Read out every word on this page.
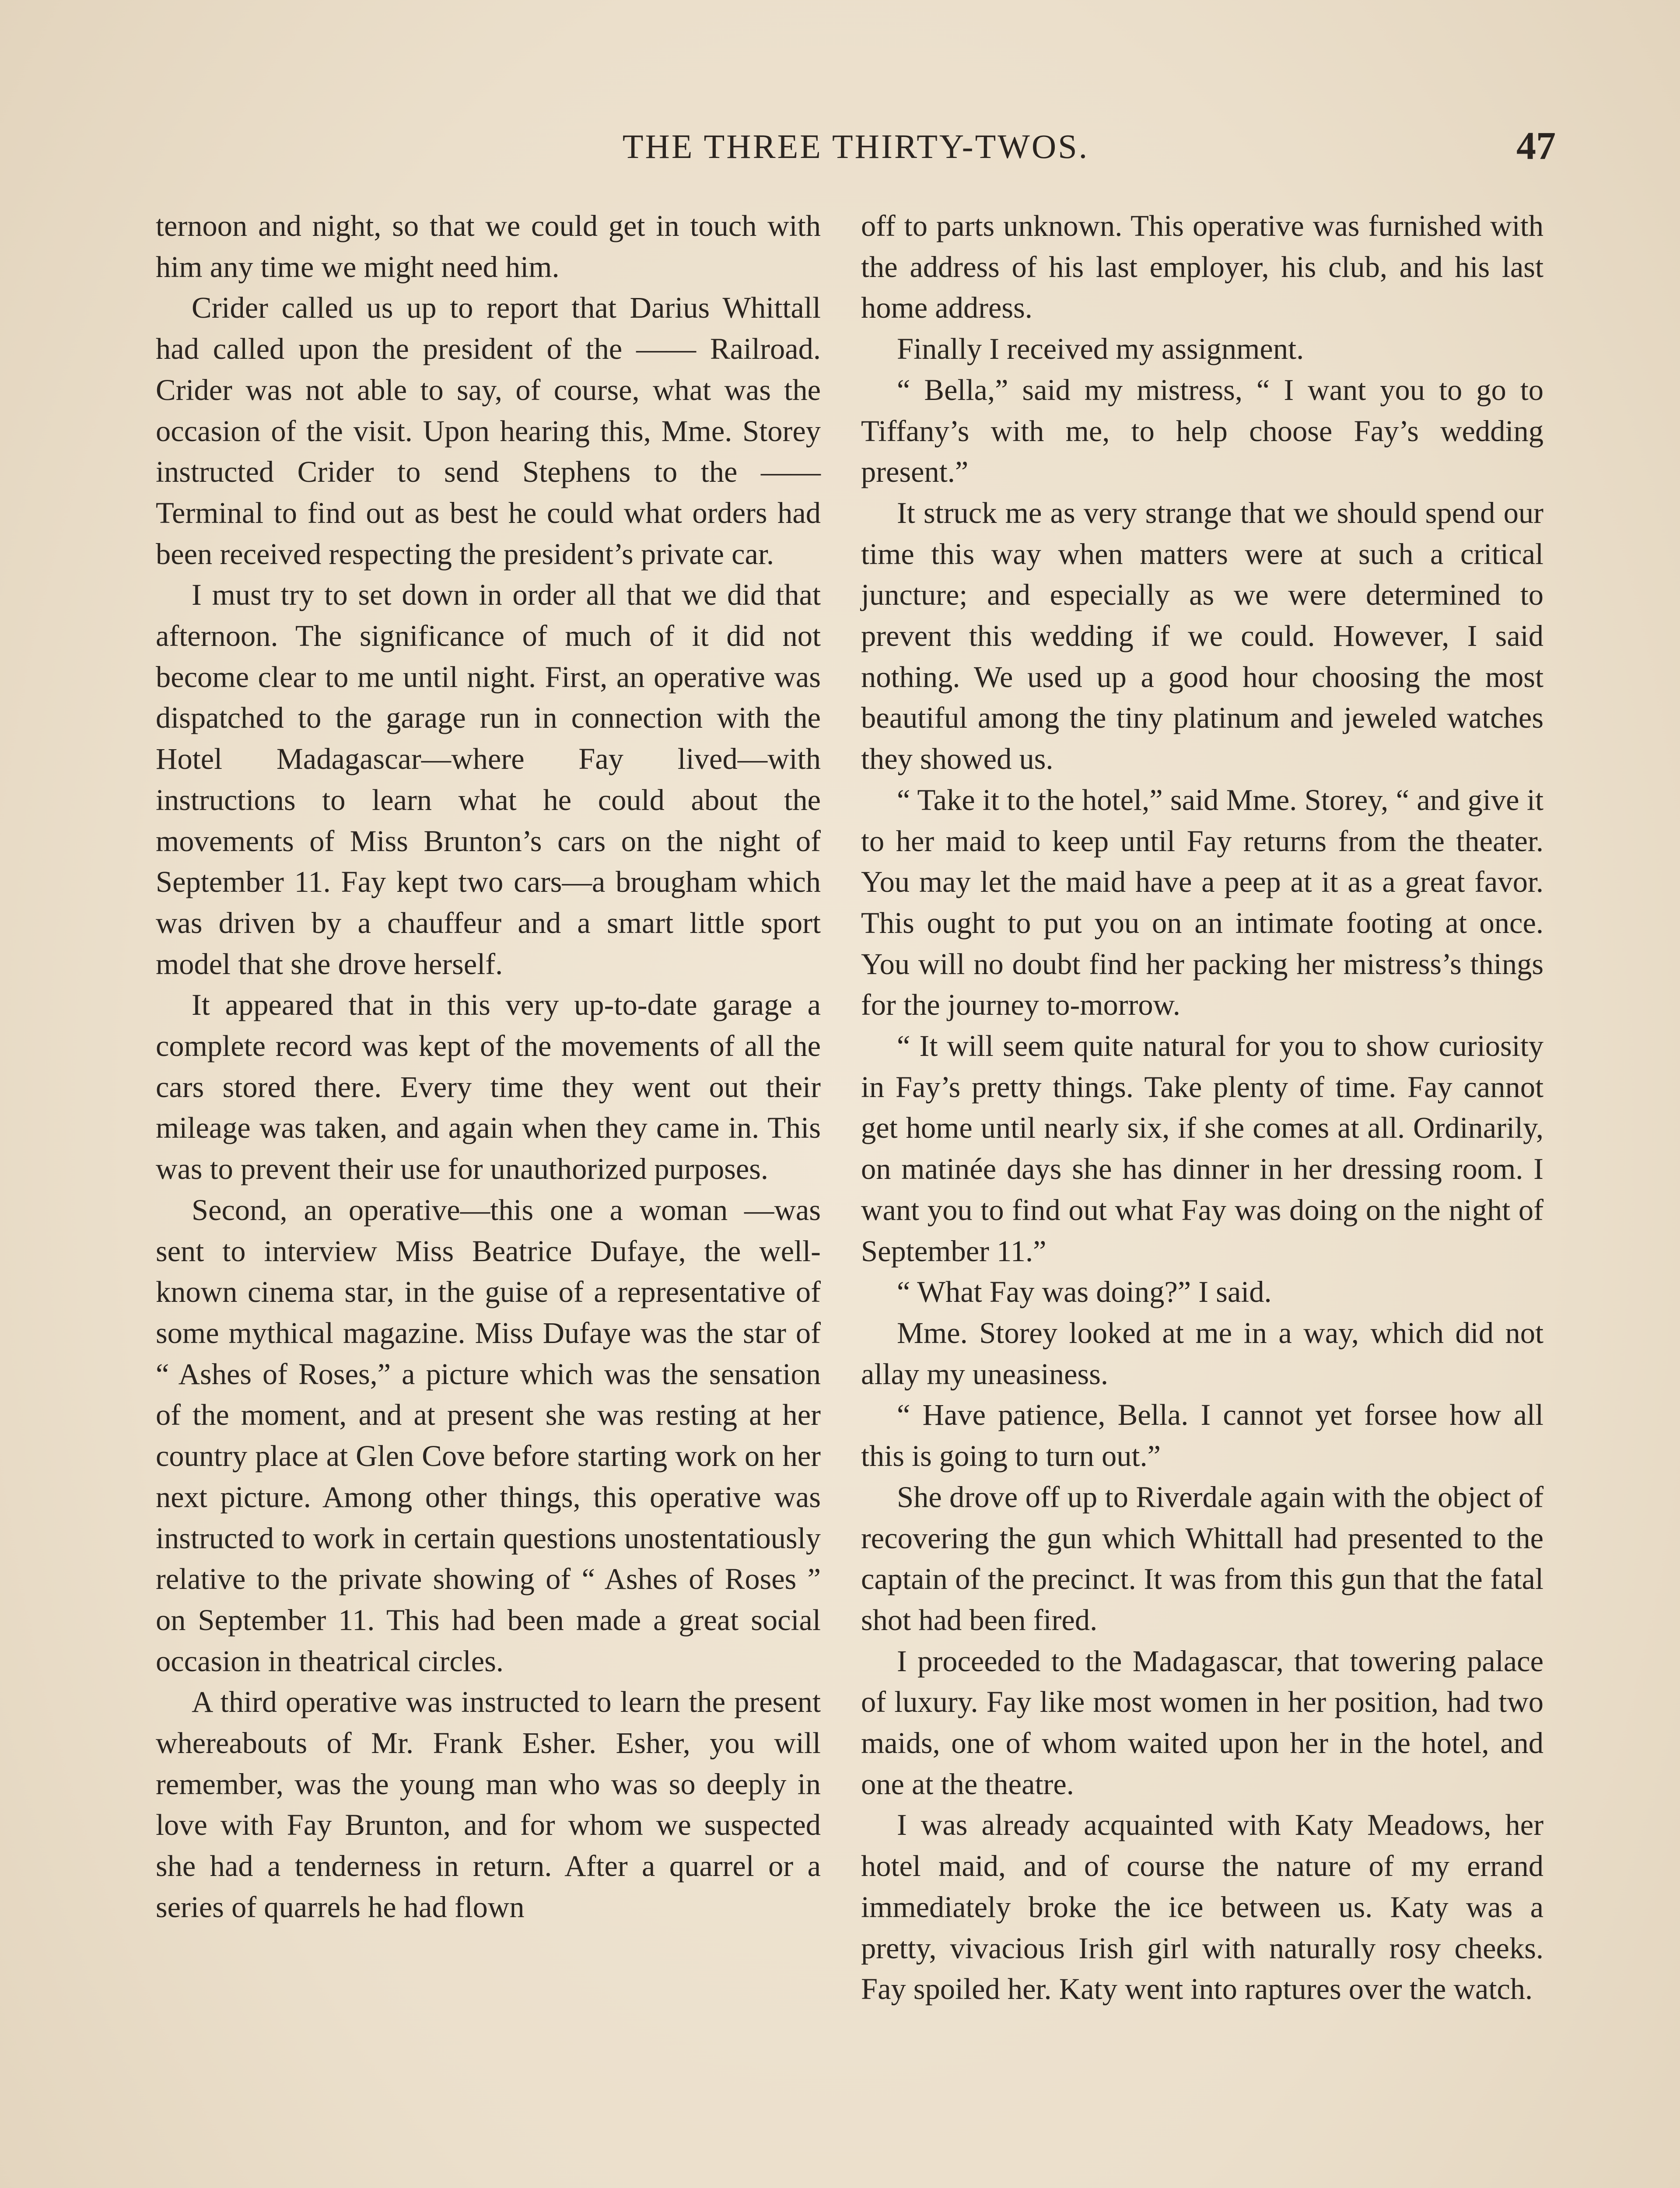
THE THREE THIRTY-TWOS.	47

ternoon and night, so that we could get in touch with him any time we might need him.

Crider called us up to report that Darius Whittall had called upon the president of the —— Railroad. Crider was not able to say, of course, what was the occasion of the visit. Upon hearing this, Mme. Storey instructed Crider to send Stephens to the —— Terminal to find out as best he could what orders had been received respecting the president’s private car.

I must try to set down in order all that we did that afternoon. The significance of much of it did not become clear to me until night. First, an operative was dispatched to the garage run in connection with the Hotel Madagascar—where Fay lived—with instructions to learn what he could about the movements of Miss Brunton’s cars on the night of September 11. Fay kept two cars—a brougham which was driven by a chauffeur and a smart little sport model that she drove herself.

It appeared that in this very up-to-date garage a complete record was kept of the movements of all the cars stored there. Every time they went out their mileage was taken, and again when they came in. This was to prevent their use for unauthorized purposes.

Second, an operative—this one a woman —was sent to interview Miss Beatrice Dufaye, the well-known cinema star, in the guise of a representative of some mythical magazine. Miss Dufaye was the star of “ Ashes of Roses,” a picture which was the sensation of the moment, and at present she was resting at her country place at Glen Cove before starting work on her next picture. Among other things, this operative was instructed to work in certain questions unostentatiously relative to the private showing of “ Ashes of Roses ” on September 11. This had been made a great social occasion in theatrical circles.

A third operative was instructed to learn the present whereabouts of Mr. Frank Esher. Esher, you will remember, was the young man who was so deeply in love with Fay Brunton, and for whom we suspected she had a tenderness in return. After a quarrel or a series of quarrels he had flown

off to parts unknown. This operative was furnished with the address of his last employer, his club, and his last home address.

Finally I received my assignment.

“ Bella,” said my mistress, “ I want you to go to Tiffany’s with me, to help choose Fay’s wedding present.”

It struck me as very strange that we should spend our time this way when matters were at such a critical juncture; and especially as we were determined to prevent this wedding if we could. However, I said nothing. We used up a good hour choosing the most beautiful among the tiny platinum and jeweled watches they showed us.

“ Take it to the hotel,” said Mme. Storey, “ and give it to her maid to keep until Fay returns from the theater. You may let the maid have a peep at it as a great favor. This ought to put you on an intimate footing at once. You will no doubt find her packing her mistress’s things for the journey to-morrow.

“ It will seem quite natural for you to show curiosity in Fay’s pretty things. Take plenty of time. Fay cannot get home until nearly six, if she comes at all. Ordinarily, on matinée days she has dinner in her dressing room. I want you to find out what Fay was doing on the night of September 11.”

“ What Fay was doing?” I said.

Mme. Storey looked at me in a way, which did not allay my uneasiness.

“ Have patience, Bella. I cannot yet forsee how all this is going to turn out.”

She drove off up to Riverdale again with the object of recovering the gun which Whittall had presented to the captain of the precinct. It was from this gun that the fatal shot had been fired.

I proceeded to the Madagascar, that towering palace of luxury. Fay like most women in her position, had two maids, one of whom waited upon her in the hotel, and one at the theatre.

I was already acquainted with Katy Meadows, her hotel maid, and of course the nature of my errand immediately broke the ice between us. Katy was a pretty, vivacious Irish girl with naturally rosy cheeks. Fay spoiled her. Katy went into raptures over the watch.
